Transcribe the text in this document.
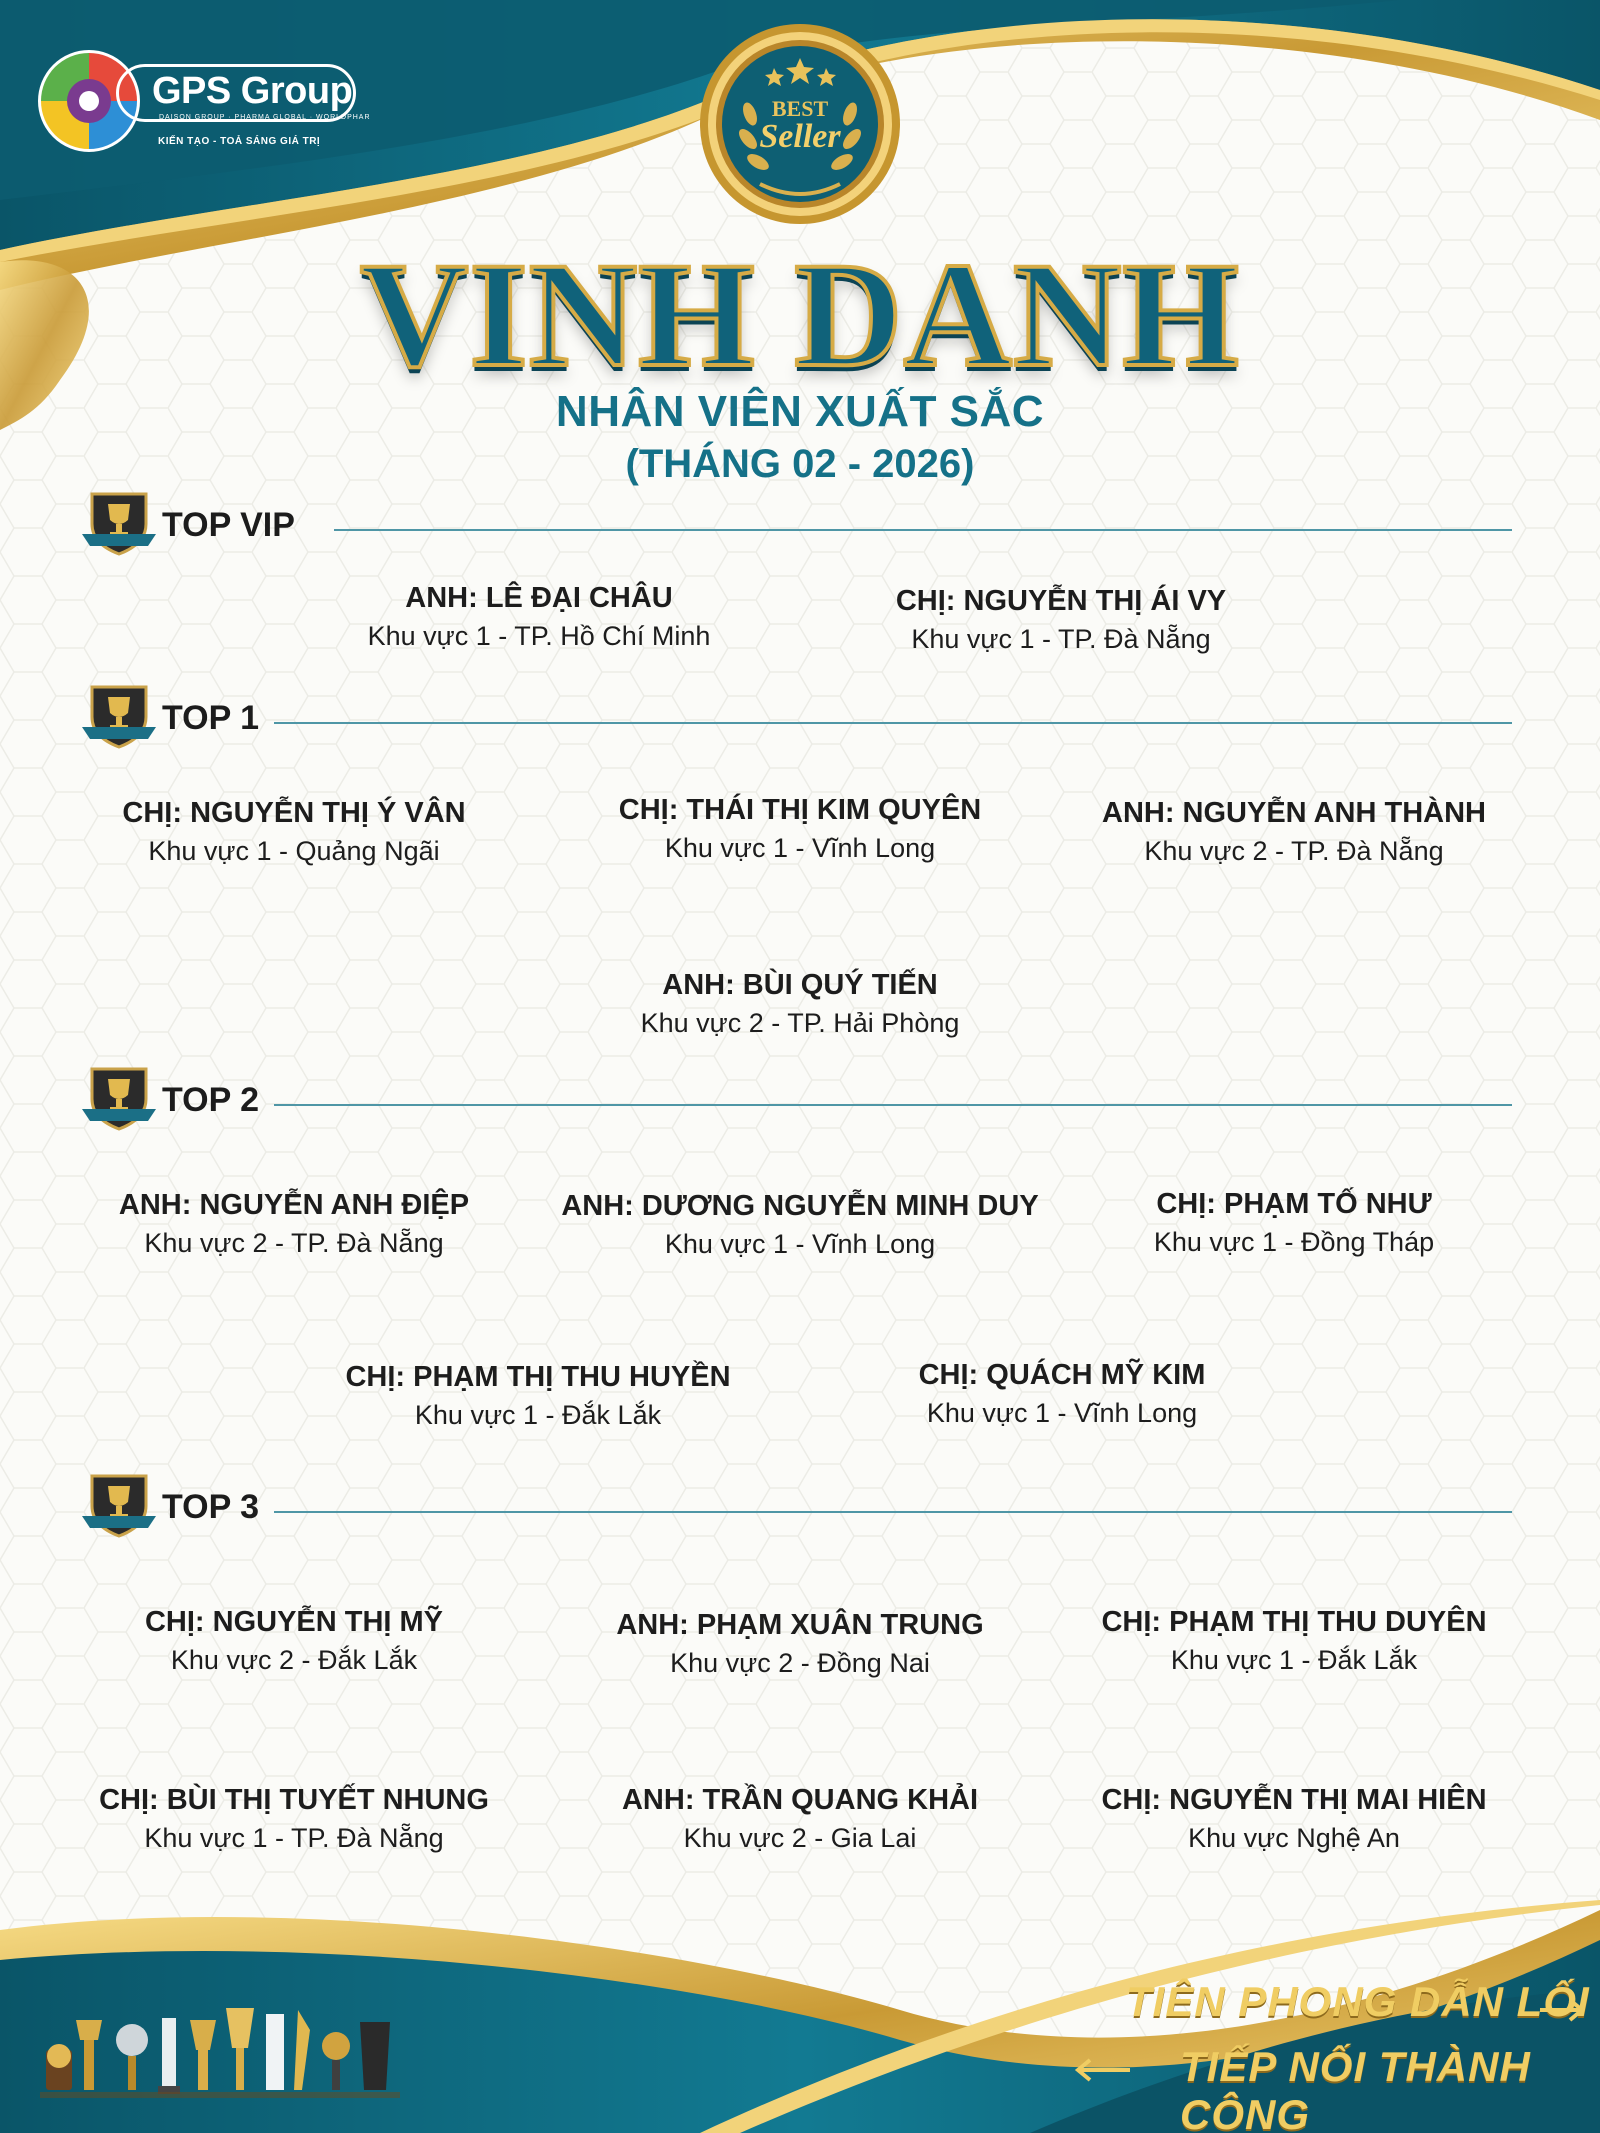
GPS Group
DAISON GROUP · PHARMA GLOBAL · WORLDPHAR
KIẾN TẠO - TOẢ SÁNG GIÁ TRỊ
BEST
Seller
VINH DANH
NHÂN VIÊN XUẤT SẮC
(THÁNG 02 - 2026)
TOP VIP
ANH: LÊ ĐẠI CHÂU
Khu vực 1 - TP. Hồ Chí Minh
CHỊ: NGUYỄN THỊ ÁI VY
Khu vực 1 - TP. Đà Nẵng
TOP 1
CHỊ: NGUYỄN THỊ Ý VÂN
Khu vực 1 - Quảng Ngãi
CHỊ: THÁI THỊ KIM QUYÊN
Khu vực 1 - Vĩnh Long
ANH: NGUYỄN ANH THÀNH
Khu vực 2 - TP. Đà Nẵng
ANH: BÙI QUÝ TIẾN
Khu vực 2 - TP. Hải Phòng
TOP 2
ANH: NGUYỄN ANH ĐIỆP
Khu vực 2 - TP. Đà Nẵng
ANH: DƯƠNG NGUYỄN MINH DUY
Khu vực 1 - Vĩnh Long
CHỊ: PHẠM TỐ NHƯ
Khu vực 1 - Đồng Tháp
CHỊ: PHẠM THỊ THU HUYỀN
Khu vực 1 - Đắk Lắk
CHỊ: QUÁCH MỸ KIM
Khu vực 1 - Vĩnh Long
TOP 3
CHỊ: NGUYỄN THỊ MỸ
Khu vực 2 - Đắk Lắk
ANH: PHẠM XUÂN TRUNG
Khu vực 2 - Đồng Nai
CHỊ: PHẠM THỊ THU DUYÊN
Khu vực 1 - Đắk Lắk
CHỊ: BÙI THỊ TUYẾT NHUNG
Khu vực 1 - TP. Đà Nẵng
ANH: TRẦN QUANG KHẢI
Khu vực 2 - Gia Lai
CHỊ: NGUYỄN THỊ MAI HIÊN
Khu vực Nghệ An
TIÊN PHONG DẪN LỐI
TIẾP NỐI THÀNH CÔNG
